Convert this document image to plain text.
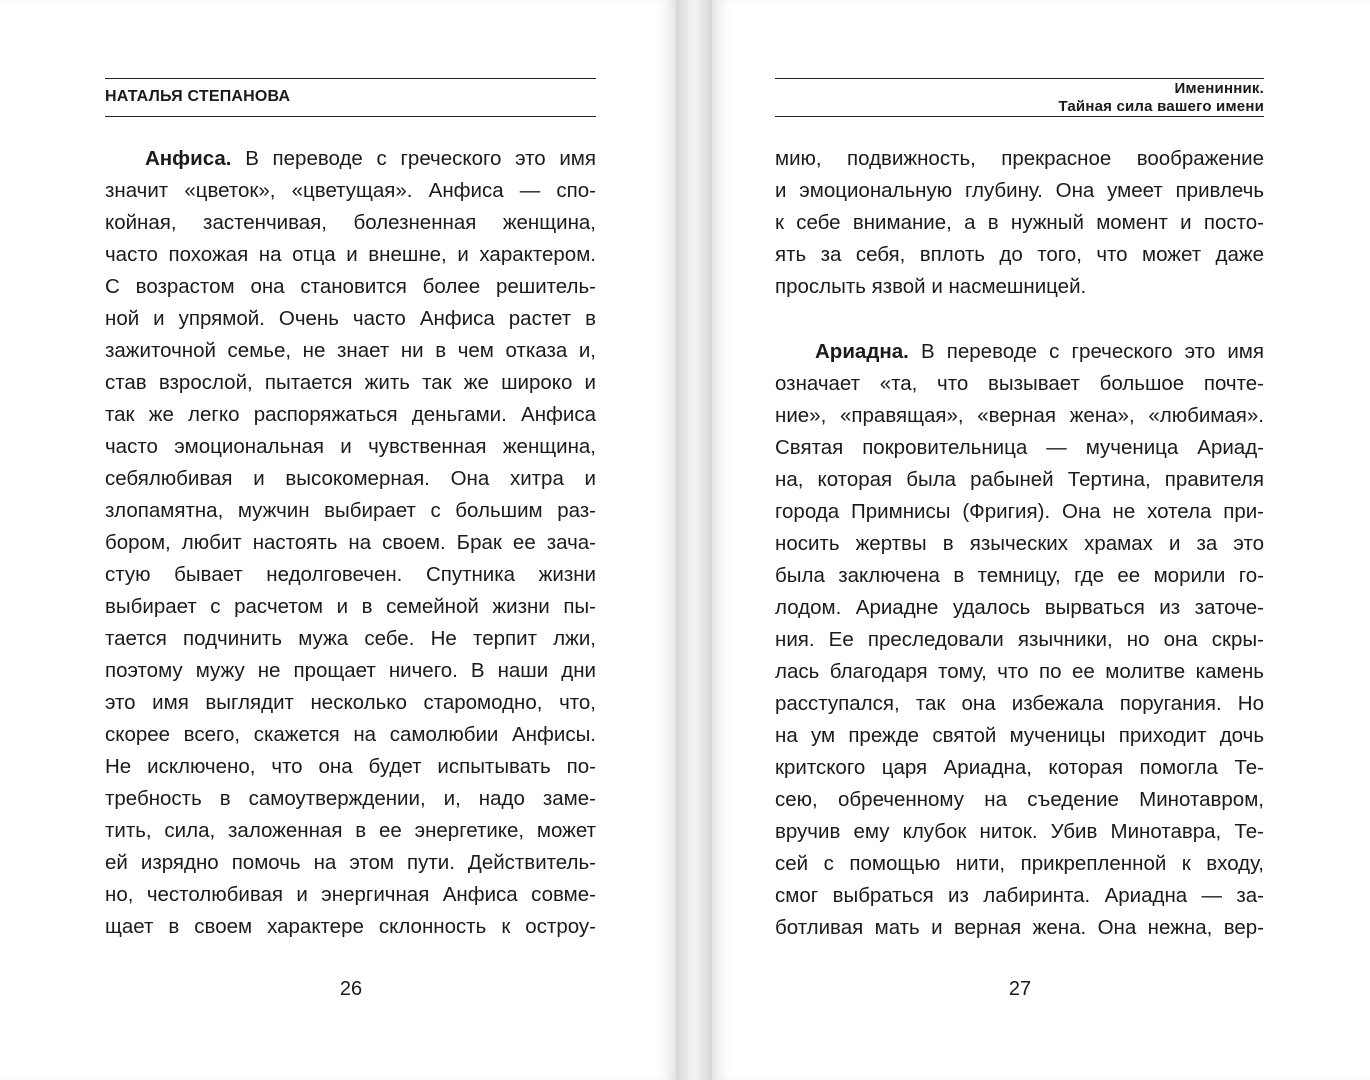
НАТАЛЬЯ СТЕПАНОВА

Анфиса. В переводе с греческого это имя
значит «цветок», «цветущая». Анфиса — спо-
койная, застенчивая, болезненная женщина,
часто похожая на отца и внешне, и характером.
С возрастом она становится более решитель-
ной и упрямой. Очень часто Анфиса растет в
зажиточной семье, не знает ни в чем отказа и,
став взрослой, пытается жить так же широко и
так же легко распоряжаться деньгами. Анфиса
часто эмоциональная и чувственная женщина,
себялюбивая и высокомерная. Она хитра и
злопамятна, мужчин выбирает с большим раз-
бором, любит настоять на своем. Брак ее зача-
стую бывает недолговечен. Спутника жизни
выбирает с расчетом и в семейной жизни пы-
тается подчинить мужа себе. Не терпит лжи,
поэтому мужу не прощает ничего. В наши дни
это имя выглядит несколько старомодно, что,
скорее всего, скажется на самолюбии Анфисы.
Не исключено, что она будет испытывать по-
требность в самоутверждении, и, надо заме-
тить, сила, заложенная в ее энергетике, может
ей изрядно помочь на этом пути. Действитель-
но, честолюбивая и энергичная Анфиса совме-
щает в своем характере склонность к остроу-

26

Именинник.
Тайная сила вашего имени
мию, подвижность, прекрасное воображение
и эмоциональную глубину. Она умеет привлечь
к себе внимание, а в нужный момент и посто-
ять за себя, вплоть до того, что может даже
прослыть язвой и насмешницей.
Ариадна. В переводе с греческого это имя
означает «та, что вызывает большое почте-
ние», «правящая», «верная жена», «любимая».
Святая покровительница — мученица Ариад-
на, которая была рабыней Тертина, правителя
города Примнисы (Фригия). Она не хотела при-
носить жертвы в языческих храмах и за это
была заключена в темницу, где ее морили го-
лодом. Ариадне удалось вырваться из заточе-
ния. Ее преследовали язычники, но она скры-
лась благодаря тому, что по ее молитве камень
расступался, так она избежала поругания. Но
на ум прежде святой мученицы приходит дочь
критского царя Ариадна, которая помогла Те-
сею, обреченному на съедение Минотавром,
вручив ему клубок ниток. Убив Минотавра, Те-
сей с помощью нити, прикрепленной к входу,
смог выбраться из лабиринта. Ариадна — за-
ботливая мать и верная жена. Она нежна, вер-

27
